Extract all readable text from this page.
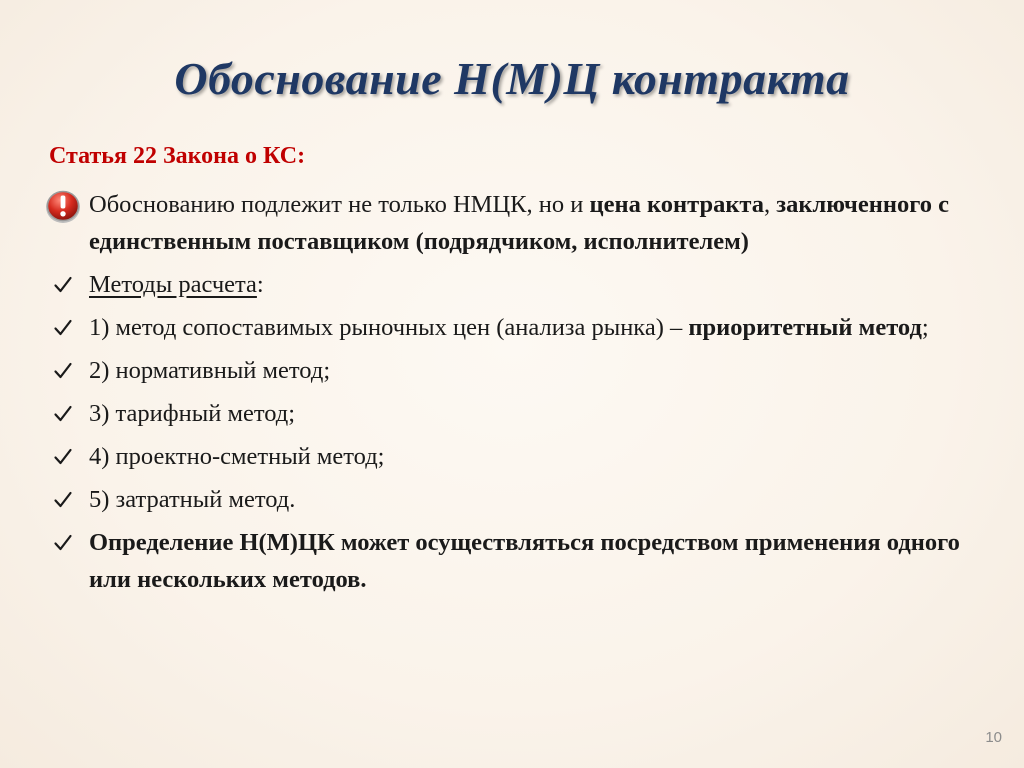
Обоснование Н(М)Ц контракта
Статья 22 Закона о КС:
Обоснованию подлежит не только НМЦК, но и цена контракта, заключенного с единственным поставщиком (подрядчиком, исполнителем)
Методы расчета:
1) метод сопоставимых рыночных цен (анализа рынка) – приоритетный метод;
2) нормативный метод;
3) тарифный метод;
4) проектно-сметный метод;
5) затратный метод.
Определение Н(М)ЦК может осуществляться посредством применения одного или нескольких методов.
10
